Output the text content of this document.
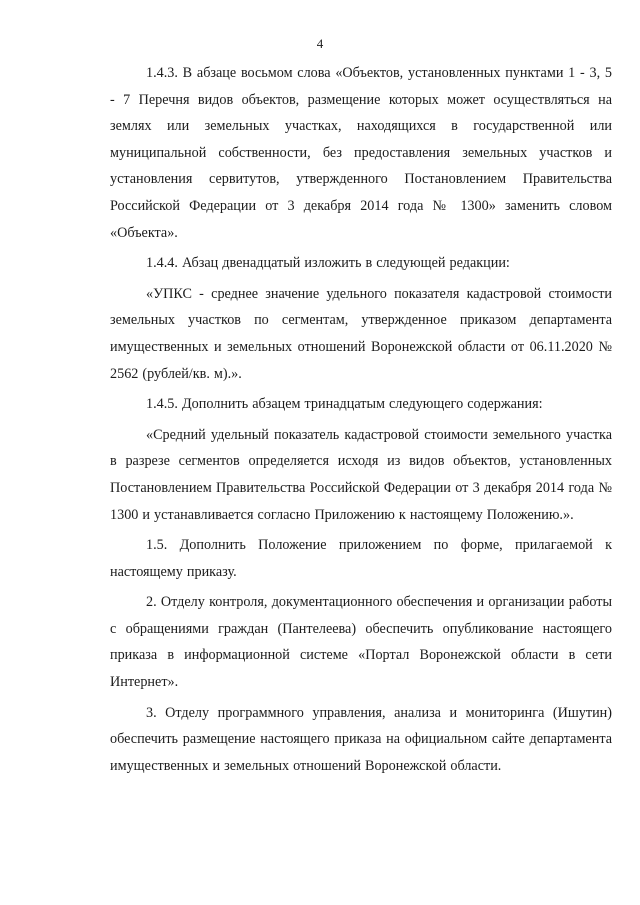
4

1.4.3. В абзаце восьмом слова «Объектов, установленных пунктами 1 - 3, 5 - 7 Перечня видов объектов, размещение которых может осуществляться на землях или земельных участках, находящихся в государственной или муниципальной собственности, без предоставления земельных участков и установления сервитутов, утвержденного Постановлением Правительства Российской Федерации от 3 декабря 2014 года № 1300» заменить словом «Объекта».

1.4.4. Абзац двенадцатый изложить в следующей редакции:

«УПКС - среднее значение удельного показателя кадастровой стоимости земельных участков по сегментам, утвержденное приказом департамента имущественных и земельных отношений Воронежской области от 06.11.2020 № 2562 (рублей/кв. м).».

1.4.5. Дополнить абзацем тринадцатым следующего содержания:

«Средний удельный показатель кадастровой стоимости земельного участка в разрезе сегментов определяется исходя из видов объектов, установленных Постановлением Правительства Российской Федерации от 3 декабря 2014 года № 1300 и устанавливается согласно Приложению к настоящему Положению.».

1.5. Дополнить Положение приложением по форме, прилагаемой к настоящему приказу.

2. Отделу контроля, документационного обеспечения и организации работы с обращениями граждан (Пантелеева) обеспечить опубликование настоящего приказа в информационной системе «Портал Воронежской области в сети Интернет».

3. Отделу программного управления, анализа и мониторинга (Ишутин) обеспечить размещение настоящего приказа на официальном сайте департамента имущественных и земельных отношений Воронежской области.
